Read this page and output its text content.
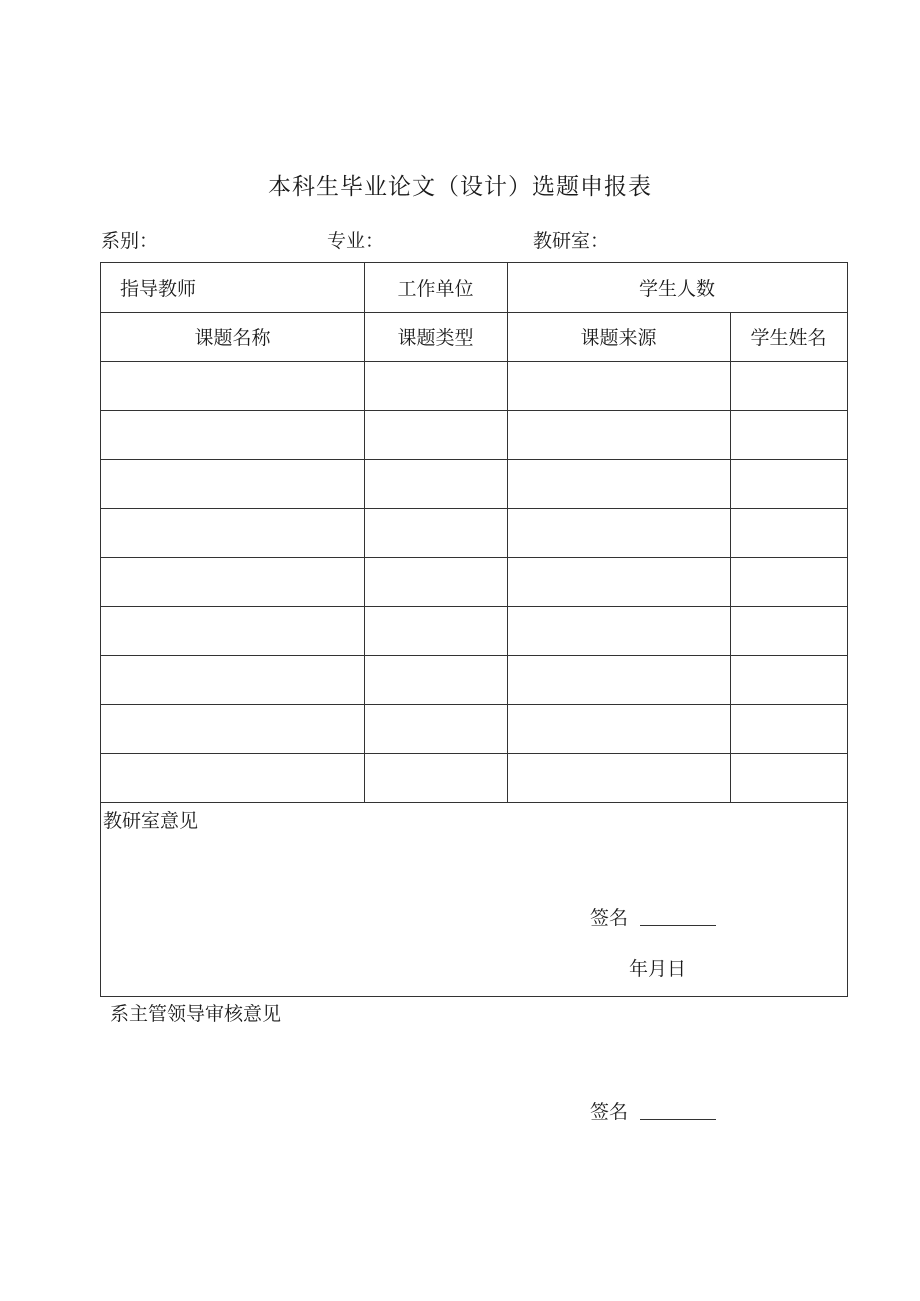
本科生毕业论文（设计）选题申报表
系别：	专业：	教研室：
指导教师	工作单位	学生人数
课题名称	课题类型	课题来源	学生姓名
教研室意见
签名
年月日
系主管领导审核意见
签名
